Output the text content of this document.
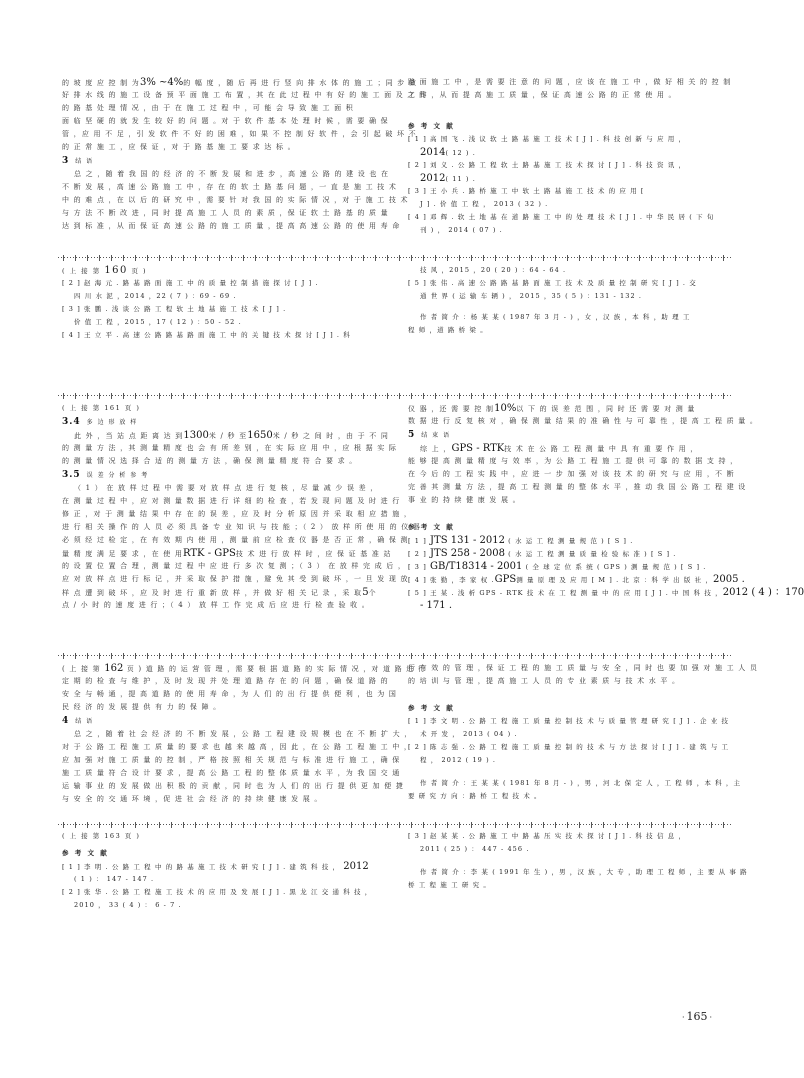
的 坡 度 应 控 制 为3% ~4%的 幅 度 ，随 后 再 进 行 竖 向 排 水 体 的 施 工 ；同 步 做
好 排 水 线 的 施 工 设 备 预 平 面 施 工 布 置 ，其 在 此 过 程 中 有 好 的 施 工 面 及 之 间
的 路 基 处 理 情 况 ，由 于 在 施 工 过 程 中 ，可 能 会 导 致 施 工 面 积
面 临 坚 硬 的 就 发 生 较 好 的 问 题 。对 于 软 件 基 本 处 理 时 候 ，需 要 确 保
管 ，应 用 不 足 ，引 发 软 件 不 好 的 困 难 ，如 果 不 控 制 好 软 件 ，会 引 起 破 坏 不
的 正 常 施 工 ，应 保 证 ，对 于 路 基 施 工 要 求 达 标 。
3 结 语
总 之 ，随 着 我 国 的 经 济 的 不 断 发 展 和 进 步 ，高 速 公 路 的 建 设 也 在
不 断 发 展 ，高 速 公 路 施 工 中 ，存 在 的 软 土 路 基 问 题 ，一 直 是 施 工 技 术
中 的 难 点 ，在 以 后 的 研 究 中 ，需 要 针 对 我 国 的 实 际 情 况 ，对 于 施 工 技 术
与 方 法 不 断 改 进 ，同 时 提 高 施 工 人 员 的 素 质 ，保 证 软 土 路 基 的 质 量
达 到 标 准 ，从 而 保 证 高 速 公 路 的 施 工 质 量 ，提 高 高 速 公 路 的 使 用 寿 命
路 面 施 工 中 ，是 需 要 注 意 的 问 题 ，应 该 在 施 工 中 ，做 好 相 关 的 控 制
工 作 ，从 而 提 高 施 工 质 量 ，保 证 高 速 公 路 的 正 常 使 用 。
参 考 文 献
[ 1 ] 高 国 飞 . 浅 议 软 土 路 基 施 工 技 术 [ J ] . 科 技 创 新 与 应 用 ，
2014( 12 ) .
[ 2 ] 刘 义 . 公 路 工 程 软 土 路 基 施 工 技 术 探 讨 [ J ] . 科 技 资 讯 ，
2012( 11 ) .
[ 3 ] 王 小 兵 . 路 桥 施 工 中 软 土 路 基 施 工 技 术 的 应 用 [
J ] . 价 值 工 程 ， 2013 ( 32 ) .
[ 4 ] 邓 辉 . 软 土 地 基 在 道 路 施 工 中 的 处 理 技 术 [ J ] . 中 华 民 居 ( 下 旬
刊 ) ， 2014 ( 07 ) .
( 上 接 第 160 页 )
[ 2 ] 赵 海 元 . 路 基 路 面 施 工 中 的 质 量 控 制 措 施 探 讨 [ J ] .
四 川 水 泥 ，2014 ，22 ( 7 ) ：69 - 69 .
[ 3 ] 张 鹏 . 浅 谈 公 路 工 程 软 土 地 基 施 工 技 术 [ J ] .
价 值 工 程 ，2015 ，17 ( 12 ) ：50 - 52 .
[ 4 ] 王 立 平 . 高 速 公 路 路 基 路 面 施 工 中 的 关 键 技 术 探 讨 [ J ] . 科
技 风 ，2015 ，20 ( 20 ) ：64 - 64 .
[ 5 ] 张 伟 . 高 速 公 路 路 基 路 面 施 工 技 术 及 质 量 控 制 研 究 [ J ] . 交
通 世 界 ( 运 输 车 辆 ) ， 2015 ，35 ( 5 ) ：131 - 132 .
作 者 简 介 ：杨 某 某 ( 1987 年 3 月 - ) ，女 ，汉 族 ，本 科 ，助 理 工
程 师 ，道 路 桥 梁 。
( 上 接 第 161 页 )
3.4 多 边 形 放 样
此 外 ，当 站 点 距 离 达 到1300米 / 秒 至1650米 / 秒 之 间 时 ，由 于 不 同
的 测 量 方 法 ，其 测 量 精 度 也 会 有 所 差 别 ，在 实 际 应 用 中 ，应 根 据 实 际
的 测 量 情 况 选 择 合 适 的 测 量 方 法 ，确 保 测 量 精 度 符 合 要 求 。
3.5 误 差 分 析 参 考
（ 1 ） 在 放 样 过 程 中 需 要 对 放 样 点 进 行 复 核 ，尽 量 减 少 误 差 ，
在 测 量 过 程 中 ，应 对 测 量 数 据 进 行 详 细 的 检 查 ，若 发 现 问 题 及 时 进 行
修 正 ，对 于 测 量 结 果 中 存 在 的 误 差 ，应 及 时 分 析 原 因 并 采 取 相 应 措 施 ，
进 行 相 关 操 作 的 人 员 必 须 具 备 专 业 知 识 与 技 能 ；（ 2 ） 放 样 所 使 用 的 仪 器
必 须 经 过 检 定 ，在 有 效 期 内 使 用 ，测 量 前 应 检 查 仪 器 是 否 正 常 ，确 保 测
量 精 度 满 足 要 求 ，在 使 用RTK - GPS技 术 进 行 放 样 时 ，应 保 证 基 准 站
的 设 置 位 置 合 理 ，测 量 过 程 中 应 进 行 多 次 复 测 ；（ 3 ） 在 放 样 完 成 后 ，
应 对 放 样 点 进 行 标 记 ，并 采 取 保 护 措 施 ，避 免 其 受 到 破 坏 ，一 旦 发 现 放
样 点 遭 到 破 坏 ，应 及 时 进 行 重 新 放 样 ，并 做 好 相 关 记 录 ，采 取5个
点 / 小 时 的 速 度 进 行 ；（ 4 ） 放 样 工 作 完 成 后 应 进 行 检 查 验 收 。
仪 器 ，还 需 要 控 制10%以 下 的 误 差 范 围 ，同 时 还 需 要 对 测 量
数 据 进 行 反 复 核 对 ，确 保 测 量 结 果 的 准 确 性 与 可 靠 性 ，提 高 工 程 质 量 。
5 结 束 语
综 上 ，GPS - RTK技 术 在 公 路 工 程 测 量 中 具 有 重 要 作 用 ，
能 够 提 高 测 量 精 度 与 效 率 ，为 公 路 工 程 施 工 提 供 可 靠 的 数 据 支 持 ，
在 今 后 的 工 程 实 践 中 ，应 进 一 步 加 强 对 该 技 术 的 研 究 与 应 用 ，不 断
完 善 其 测 量 方 法 ，提 高 工 程 测 量 的 整 体 水 平 ，推 动 我 国 公 路 工 程 建 设
事 业 的 持 续 健 康 发 展 。
参 考 文 献
[ 1 ] JTS 131 - 2012 ( 水 运 工 程 测 量 规 范 ) [ S ] .
[ 2 ] JTS 258 - 2008 ( 水 运 工 程 测 量 质 量 检 验 标 准 ) [ S ] .
[ 3 ] GB/T18314 - 2001 ( 全 球 定 位 系 统 ( GPS ) 测 量 规 范 ) [ S ] .
[ 4 ] 张 勤 ，李 家 权 .GPS测 量 原 理 及 应 用 [ M ] . 北 京 ：科 学 出 版 社 ，2005 .
[ 5 ] 王 某 . 浅 析 GPS - RTK 技 术 在 工 程 测 量 中 的 应 用 [ J ] . 中 国 科 技 ，2012 ( 4 ) ：170
- 171 .
( 上 接 第 162 页 ) 道 路 的 运 营 管 理 ，需 要 根 据 道 路 的 实 际 情 况 ，对 道 路 进 行
定 期 的 检 查 与 维 护 ，及 时 发 现 并 处 理 道 路 存 在 的 问 题 ，确 保 道 路 的
安 全 与 畅 通 ，提 高 道 路 的 使 用 寿 命 ，为 人 们 的 出 行 提 供 便 利 ，也 为 国
民 经 济 的 发 展 提 供 有 力 的 保 障 。
4 结 语
总 之 ，随 着 社 会 经 济 的 不 断 发 展 ，公 路 工 程 建 设 规 模 也 在 不 断 扩 大 ，
对 于 公 路 工 程 施 工 质 量 的 要 求 也 越 来 越 高 ，因 此 ，在 公 路 工 程 施 工 中 ，
应 加 强 对 施 工 质 量 的 控 制 ，严 格 按 照 相 关 规 范 与 标 准 进 行 施 工 ，确 保
施 工 质 量 符 合 设 计 要 求 ，提 高 公 路 工 程 的 整 体 质 量 水 平 ，为 我 国 交 通
运 输 事 业 的 发 展 做 出 积 极 的 贡 献 ，同 时 也 为 人 们 的 出 行 提 供 更 加 便 捷
与 安 全 的 交 通 环 境 ，促 进 社 会 经 济 的 持 续 健 康 发 展 。
行 有 效 的 管 理 ，保 证 工 程 的 施 工 质 量 与 安 全 ，同 时 也 要 加 强 对 施 工 人 员
的 培 训 与 管 理 ，提 高 施 工 人 员 的 专 业 素 质 与 技 术 水 平 。
参 考 文 献
[ 1 ] 李 文 明 . 公 路 工 程 施 工 质 量 控 制 技 术 与 质 量 管 理 研 究 [ J ] . 企 业 技
术 开 发 ， 2013 ( 04 ) .
[ 2 ] 陈 志 强 . 公 路 工 程 施 工 质 量 控 制 的 技 术 与 方 法 探 讨 [ J ] . 建 筑 与 工
程 ， 2012 ( 19 ) .
作 者 简 介 ：王 某 某 ( 1981 年 8 月 - ) ，男 ，河 北 保 定 人 ，工 程 师 ，本 科 ，主
要 研 究 方 向 ：路 桥 工 程 技 术 。
( 上 接 第 163 页 )
参 考 文 献
[ 1 ] 李 明 . 公 路 工 程 中 的 路 基 施 工 技 术 研 究 [ J ] . 建 筑 科 技 ， 2012
( 1 ) ： 147 - 147 .
[ 2 ] 张 华 . 公 路 工 程 施 工 技 术 的 应 用 及 发 展 [ J ] . 黑 龙 江 交 通 科 技 ，
2010 ， 33 ( 4 ) ： 6 - 7 .
[ 3 ] 赵 某 某 . 公 路 施 工 中 路 基 压 实 技 术 探 讨 [ J ] . 科 技 信 息 ，
2011 ( 25 ) ： 447 - 456 .
作 者 简 介 ：李 某 ( 1991 年 生 ) ，男 ，汉 族 ，大 专 ，助 理 工 程 师 ，主 要 从 事 路
桥 工 程 施 工 研 究 。
· 165 ·
